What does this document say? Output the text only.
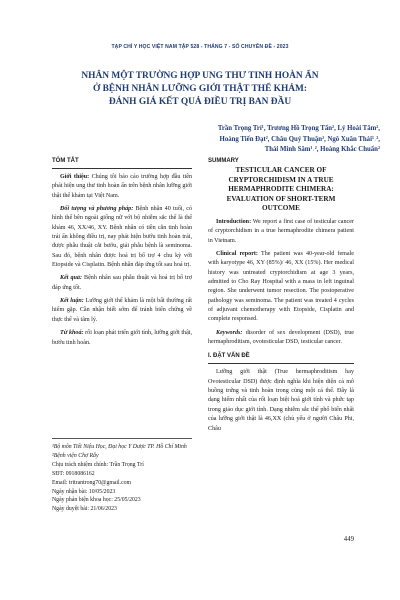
TẠP CHÍ Y HỌC VIỆT NAM TẬP 528 - THÁNG 7 - SỐ CHUYÊN ĐỀ - 2023
NHÂN MỘT TRƯỜNG HỢP UNG THƯ TINH HOÀN ẨN
Ở BỆNH NHÂN LƯỠNG GIỚI THẬT THỂ KHẢM:
ĐÁNH GIÁ KẾT QUẢ ĐIỀU TRỊ BAN ĐẦU
Trần Trọng Trí¹, Trương Hồ Trọng Tấn², Lý Hoài Tâm²,
Hoàng Tiến Đạt², Châu Quý Thuận², Ngô Xuân Thái¹˒²,
Thái Minh Sâm¹˒², Hoàng Khắc Chuẩn²
TÓM TẮT

Giới thiệu: Chúng tôi báo cáo trường hợp đầu tiên phát hiện ung thư tinh hoàn ẩn trên bệnh nhân lưỡng giới thật thể khảm tại Việt Nam.

Đối tượng và phương pháp: Bệnh nhân 40 tuổi, có hình thể bên ngoài giống nữ với bộ nhiễm sắc thể là thể khảm 46, XX/46, XY. Bệnh nhân có tiền căn tinh hoàn trái ẩn không điều trị, nay phát hiện bướu tinh hoàn trái, được phẫu thuật cắt bướu, giải phẫu bệnh là seminoma. Sau đó, bệnh nhân được hoá trị bổ trợ 4 chu kỳ với Etopside và Cisplatin. Bệnh nhân đáp ứng tốt sau hoá trị.

Kết quả: Bệnh nhân sau phẫu thuật và hoá trị bổ trợ đáp ứng tốt.

Kết luận: Lưỡng giới thể khảm là một bất thường rất hiếm gặp. Cần nhận biết sớm để tránh biến chứng về thực thể và tâm lý.

Từ khoá: rối loạn phát triển giới tính, lưỡng giới thật, bướu tinh hoàn.

¹Bộ môn Tiết Niệu Học, Đại học Y Dược TP. Hồ Chí Minh
²Bệnh viện Chợ Rẫy
Chịu trách nhiệm chính: Trần Trọng Trí
SĐT: 0918086162
Email: tritrantrong70@gmail.com
Ngày nhận bài: 10/05/2023
Ngày phản biện khoa học: 25/05/2023
Ngày duyệt bài: 21/06/2023
SUMMARY
TESTICULAR CANCER OF CRYPTORCHIDISM IN A TRUE HERMAPHRODITE CHIMERA: EVALUATION OF SHORT-TERM OUTCOME

Introduction: We report a first case of testicular cancer of cryptorchidism in a true hermaphrodite chimera patient in Vietnam.

Clinical report: The patient was 40-year-old female with karyotype 46, XY (85%)/ 46, XX (15%). Her medical history was untreated cryptorchidism at age 3 years, admitted to Cho Ray Hospital with a mass in left inguinal region. She underwent tumor resection. The postoperative pathology was seminoma. The patient was treated 4 cycles of adjuvant chemotherapy with Etopside, Cisplatin and complete responsed.

Keywords: disorder of sex development (DSD), true hermaphroditism, ovotesticular DSD, testicular cancer.

I. ĐẶT VẤN ĐỀ

Lưỡng giới thật (True hermaphroditism hay Ovotesticular DSD) được định nghĩa khi hiện diện cả mô buồng trứng và tinh hoàn trong cùng một cá thể. Đây là dạng hiếm nhất của rối loạn biệt hoá giới tính và phức tạp trong giảo dục giới tính. Dạng nhiễm sắc thể phổ biến nhất của lưỡng giới thật là 46,XX (chủ yếu ở người Châu Phi, Châu

449
